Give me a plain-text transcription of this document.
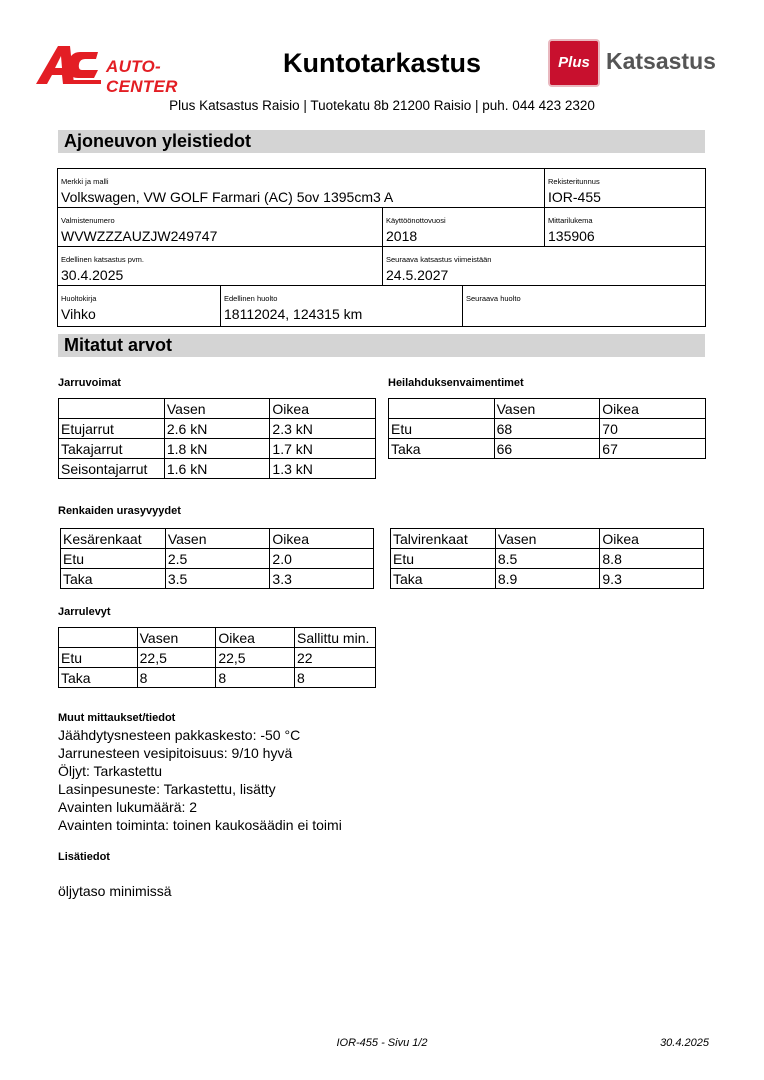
AUTO-CENTER
Kuntotarkastus	Plus Katsastus
Plus Katsastus Raisio | Tuotekatu 8b 21200 Raisio | puh. 044 423 2320
Ajoneuvon yleistiedot
Merkki ja malli
Volkswagen, VW GOLF Farmari (AC) 5ov 1395cm3 A
Rekisteritunnus
IOR-455
Valmistenumero
WVWZZZAUZJW249747
Käyttöönottovuosi
2018
Mittarilukema
135906
Edellinen katsastus pvm.
30.4.2025
Seuraava katsastus viimeistään
24.5.2027
Huoltokirja
Vihko
Edellinen huolto
18112024, 124315 km
Seuraava huolto
Mitatut arvot
Jarruvoimat
	Vasen	Oikea
Etujarrut	2.6 kN	2.3 kN
Takajarrut	1.8 kN	1.7 kN
Seisontajarrut	1.6 kN	1.3 kN
Heilahduksenvaimentimet
	Vasen	Oikea
Etu	68	70
Taka	66	67
Renkaiden urasyvyydet
Kesärenkaat	Vasen	Oikea
Etu	2.5	2.0
Taka	3.5	3.3
Talvirenkaat	Vasen	Oikea
Etu	8.5	8.8
Taka	8.9	9.3
Jarrulevyt
	Vasen	Oikea	Sallittu min.
Etu	22,5	22,5	22
Taka	8	8	8
Muut mittaukset/tiedot
Jäähdytysnesteen pakkaskesto: -50 °C
Jarrunesteen vesipitoisuus: 9/10 hyvä
Öljyt: Tarkastettu
Lasinpesuneste: Tarkastettu, lisätty
Avainten lukumäärä: 2
Avainten toiminta: toinen kaukosäädin ei toimi
Lisätiedot
öljytaso minimissä
IOR-455 - Sivu 1/2	30.4.2025
